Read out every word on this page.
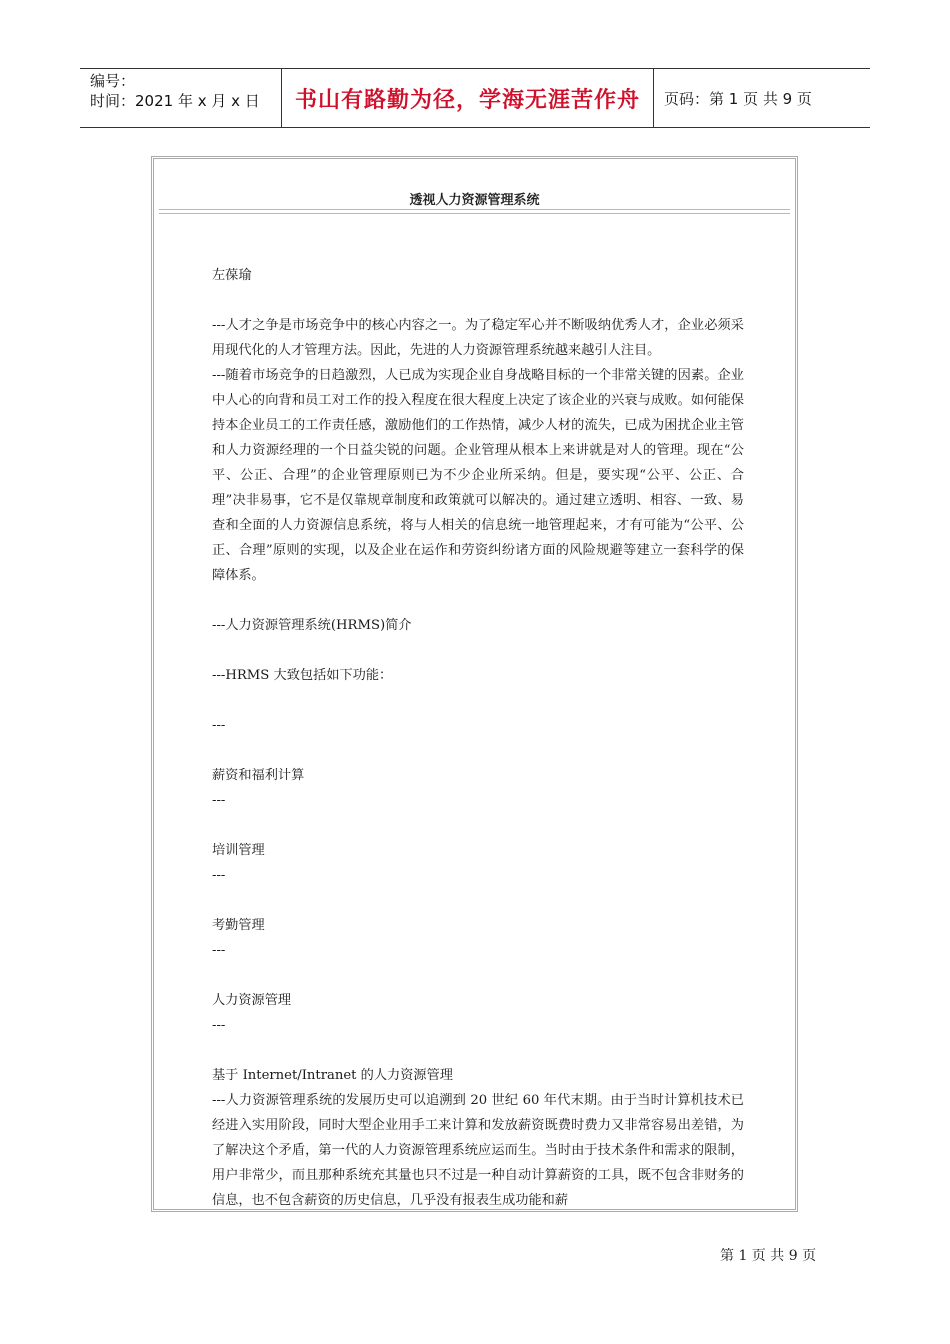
编号：
时间：2021 年 x 月 x 日	书山有路勤为径，学海无涯苦作舟	页码：第 1 页 共 9 页
透视人力资源管理系统

左葆瑜

---人才之争是市场竞争中的核心内容之一。为了稳定军心并不断吸纳优秀人才，企业必须采用现代化的人才管理方法。因此，先进的人力资源管理系统越来越引人注目。

---随着市场竞争的日趋激烈，人已成为实现企业自身战略目标的一个非常关键的因素。企业中人心的向背和员工对工作的投入程度在很大程度上决定了该企业的兴衰与成败。如何能保持本企业员工的工作责任感，激励他们的工作热情，减少人材的流失，已成为困扰企业主管和人力资源经理的一个日益尖锐的问题。企业管理从根本上来讲就是对人的管理。现在“公平、公正、合理”的企业管理原则已为不少企业所采纳。但是，要实现“公平、公正、合理”决非易事，它不是仅靠规章制度和政策就可以解决的。通过建立透明、相容、一致、易查和全面的人力资源信息系统，将与人相关的信息统一地管理起来，才有可能为“公平、公正、合理”原则的实现，以及企业在运作和劳资纠纷诸方面的风险规避等建立一套科学的保障体系。

---人力资源管理系统(HRMS)简介

---HRMS 大致包括如下功能：

---

薪资和福利计算

---

培训管理

---

考勤管理

---

人力资源管理

---

基于 Internet/Intranet 的人力资源管理

---人力资源管理系统的发展历史可以追溯到 20 世纪 60 年代末期。由于当时计算机技术已经进入实用阶段，同时大型企业用手工来计算和发放薪资既费时费力又非常容易出差错，为了解决这个矛盾，第一代的人力资源管理系统应运而生。当时由于技术条件和需求的限制，用户非常少，而且那种系统充其量也只不过是一种自动计算薪资的工具，既不包含非财务的信息，也不包含薪资的历史信息，几乎没有报表生成功能和薪

第 1 页 共 9 页
